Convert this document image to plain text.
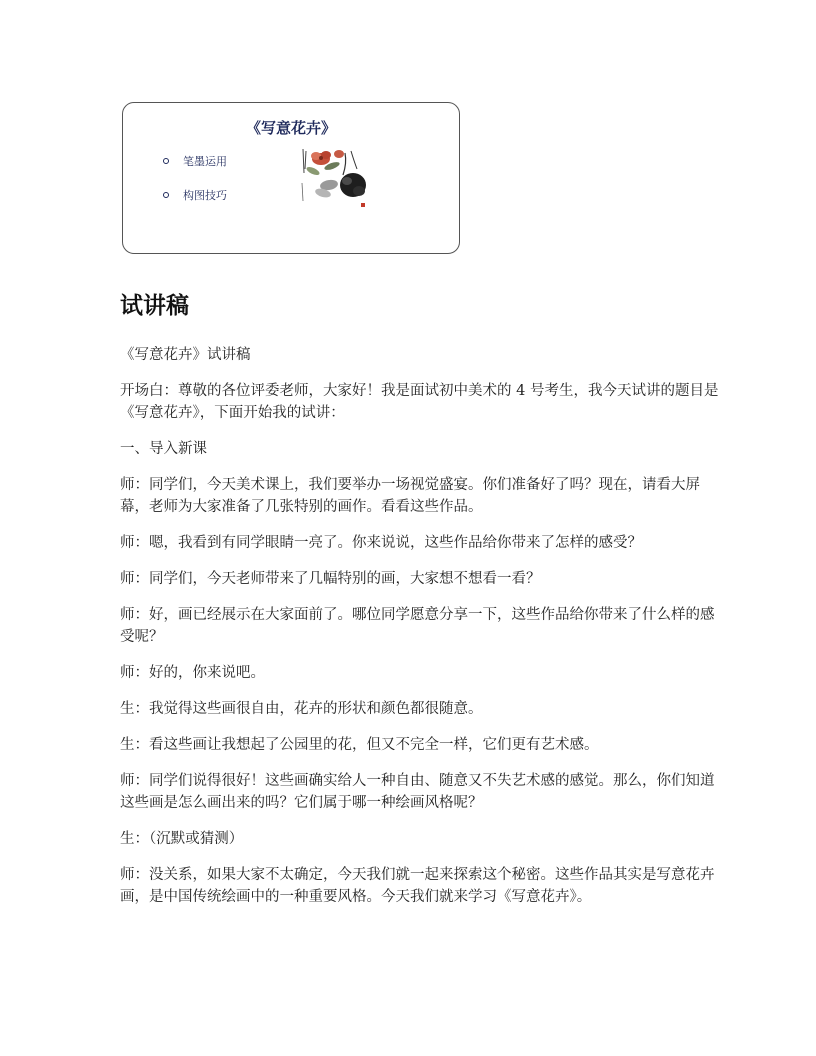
《写意花卉》
笔墨运用
构图技巧
试讲稿

《写意花卉》试讲稿

开场白：尊敬的各位评委老师，大家好！我是面试初中美术的 4 号考生，我今天试讲的题目是《写意花卉》，下面开始我的试讲：

一、导入新课

师：同学们，今天美术课上，我们要举办一场视觉盛宴。你们准备好了吗？现在，请看大屏幕，老师为大家准备了几张特别的画作。看看这些作品。

师：嗯，我看到有同学眼睛一亮了。你来说说，这些作品给你带来了怎样的感受？

师：同学们，今天老师带来了几幅特别的画，大家想不想看一看？

师：好，画已经展示在大家面前了。哪位同学愿意分享一下，这些作品给你带来了什么样的感受呢？

师：好的，你来说吧。

生：我觉得这些画很自由，花卉的形状和颜色都很随意。

生：看这些画让我想起了公园里的花，但又不完全一样，它们更有艺术感。

师：同学们说得很好！这些画确实给人一种自由、随意又不失艺术感的感觉。那么，你们知道这些画是怎么画出来的吗？它们属于哪一种绘画风格呢？

生：（沉默或猜测）

师：没关系，如果大家不太确定，今天我们就一起来探索这个秘密。这些作品其实是写意花卉画，是中国传统绘画中的一种重要风格。今天我们就来学习《写意花卉》。
